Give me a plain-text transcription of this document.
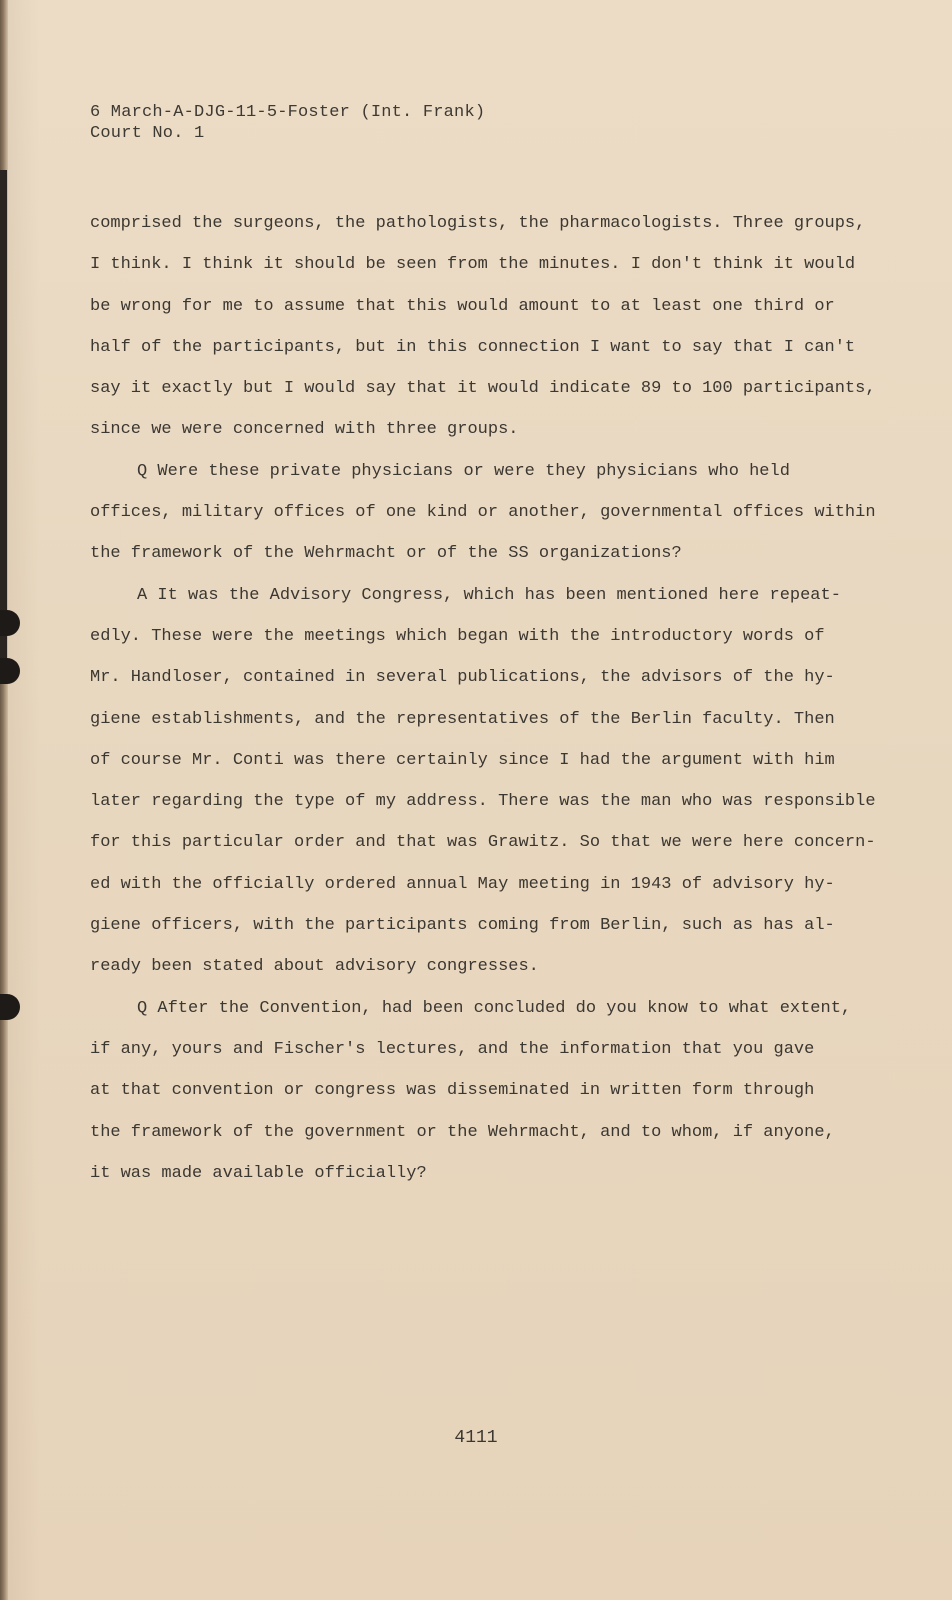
6 March-A-DJG-11-5-Foster (Int. Frank)
Court No. 1
comprised the surgeons, the pathologists, the pharmacologists. Three groups,
I think. I think it should be seen from the minutes. I don't think it would
be wrong for me to assume that this would amount to at least one third or
half of the participants, but in this connection I want to say that I can't
say it exactly but I would say that it would indicate 89 to 100 participants,
since we were concerned with three groups.
Q Were these private physicians or were they physicians who held
offices, military offices of one kind or another, governmental offices within
the framework of the Wehrmacht or of the SS organizations?
A It was the Advisory Congress, which has been mentioned here repeat-
edly. These were the meetings which began with the introductory words of
Mr. Handloser, contained in several publications, the advisors of the hy-
giene establishments, and the representatives of the Berlin faculty. Then
of course Mr. Conti was there certainly since I had the argument with him
later regarding the type of my address. There was the man who was responsible
for this particular order and that was Grawitz. So that we were here concern-
ed with the officially ordered annual May meeting in 1943 of advisory hy-
giene officers, with the participants coming from Berlin, such as has al-
ready been stated about advisory congresses.
Q After the Convention, had been concluded do you know to what extent,
if any, yours and Fischer's lectures, and the information that you gave
at that convention or congress was disseminated in written form through
the framework of the government or the Wehrmacht, and to whom, if anyone,
it was made available officially?
4111
